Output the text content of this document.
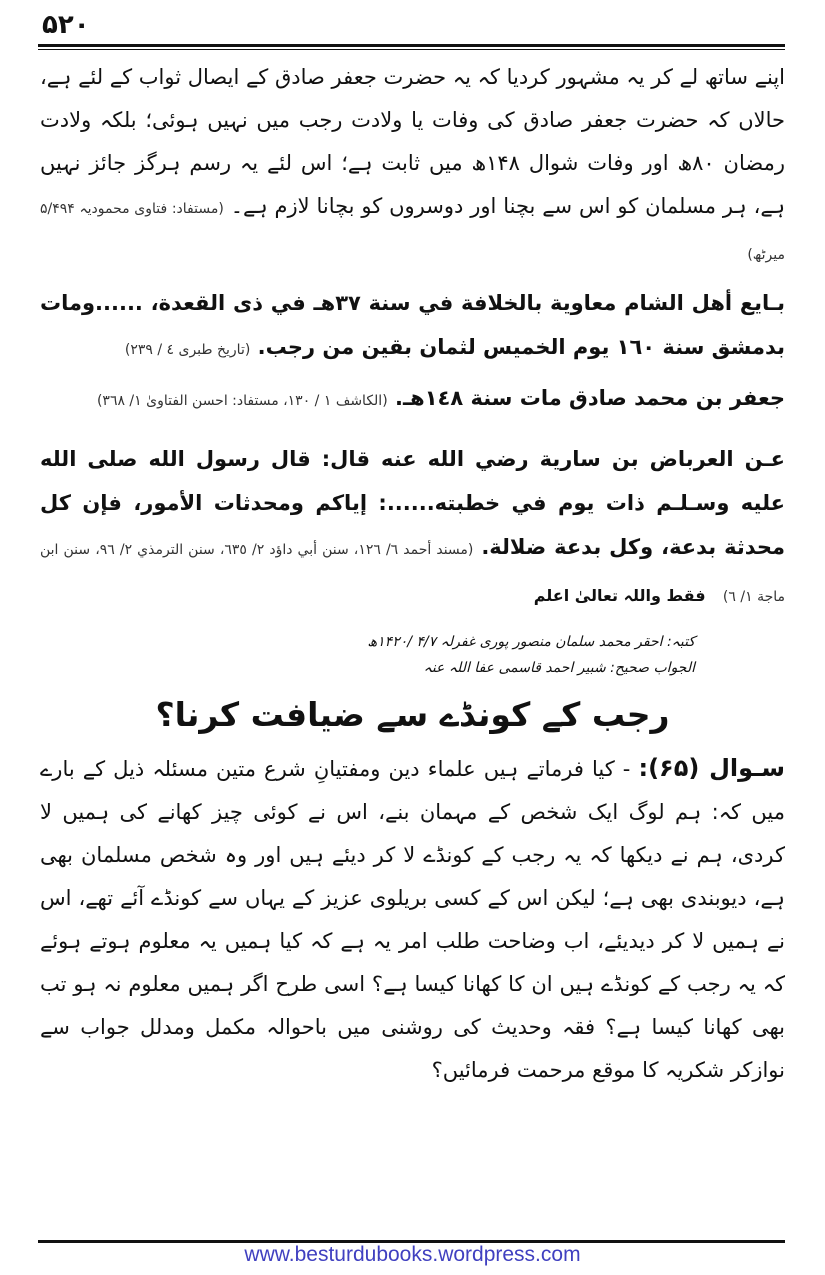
۵۲۰

اپنے ساتھ لے کر یہ مشہور کردیا کہ یہ حضرت جعفر صادق کے ایصال ثواب کے لئے ہے، حالاں کہ حضرت جعفر صادق کی وفات یا ولادت رجب میں نہیں ہوئی؛ بلکہ ولادت رمضان ۸۰ھ اور وفات شوال ۱۴۸ھ میں ثابت ہے؛ اس لئے یہ رسم ہرگز جائز نہیں ہے، ہر مسلمان کو اس سے بچنا اور دوسروں کو بچانا لازم ہے۔ (مستفاد: فتاوی محمودیہ ۵/۴۹۴ میرٹھ)

بـايع أهل الشام معاوية بالخلافة في سنة ٣٧هـ في ذى القعدة، ......ومات بدمشق سنة ١٦٠ يوم الخميس لثمان بقين من رجب. (تاريخ طبرى ٤ / ٢٣٩)

جعفر بن محمد صادق مات سنة ١٤٨هـ. (الكاشف ١ / ١٣٠، مستفاد: احسن الفتاوىٰ ١/ ٣٦٨)

عـن العرباض بن سارية رضي الله عنه قال: قال رسول الله صلى الله عليه وسـلـم ذات يوم في خطبته......: إياكم ومحدثات الأمور، فإن كل محدثة بدعة، وكل بدعة ضلالة. (مسند أحمد ٦/ ١٢٦، سنن أبي داؤد ٢/ ٦٣٥، سنن الترمذي ٢/ ٩٦، سنن ابن ماجة ١/ ٦) فقط واللہ تعالیٰ اعلم

کتبہ: احقر محمد سلمان منصور پوری غفرلہ ۴/۷ /۱۴۲۰ھ
الجواب صحیح: شبیر احمد قاسمی عفا اللہ عنہ
رجب کے کونڈے سے ضیافت کرنا؟

سـوال (۶۵): - کیا فرماتے ہیں علماء دین ومفتیانِ شرع متین مسئلہ ذیل کے بارے میں کہ: ہم لوگ ایک شخص کے مہمان بنے، اس نے کوئی چیز کھانے کی ہمیں لا کردی، ہم نے دیکھا کہ یہ رجب کے کونڈے لا کر دیئے ہیں اور وہ شخص مسلمان بھی ہے، دیوبندی بھی ہے؛ لیکن اس کے کسی بریلوی عزیز کے یہاں سے کونڈے آئے تھے، اس نے ہمیں لا کر دیدیئے، اب وضاحت طلب امر یہ ہے کہ کیا ہمیں یہ معلوم ہوتے ہوئے کہ یہ رجب کے کونڈے ہیں ان کا کھانا کیسا ہے؟ اسی طرح اگر ہمیں معلوم نہ ہو تب بھی کھانا کیسا ہے؟ فقہ وحدیث کی روشنی میں باحوالہ مکمل ومدلل جواب سے نوازکر شکریہ کا موقع مرحمت فرمائیں؟

www.besturdubooks.wordpress.com
